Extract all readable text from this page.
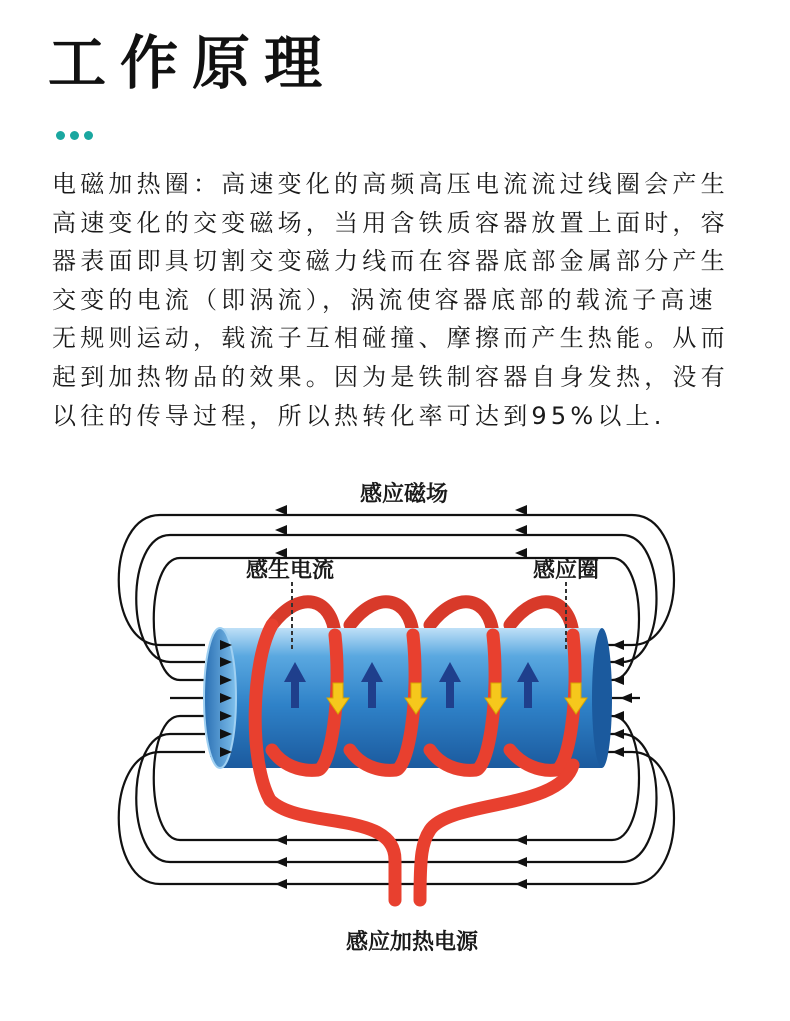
工作原理

电磁加热圈：高速变化的高频高压电流流过线圈会产生高速变化的交变磁场，当用含铁质容器放置上面时，容器表面即具切割交变磁力线而在容器底部金属部分产生交变的电流（即涡流），涡流使容器底部的载流子高速无规则运动，载流子互相碰撞、摩擦而产生热能。从而起到加热物品的效果。因为是铁制容器自身发热，没有以往的传导过程，所以热转化率可达到95%以上.

感应磁场
感生电流	感应圈
感应加热电源
